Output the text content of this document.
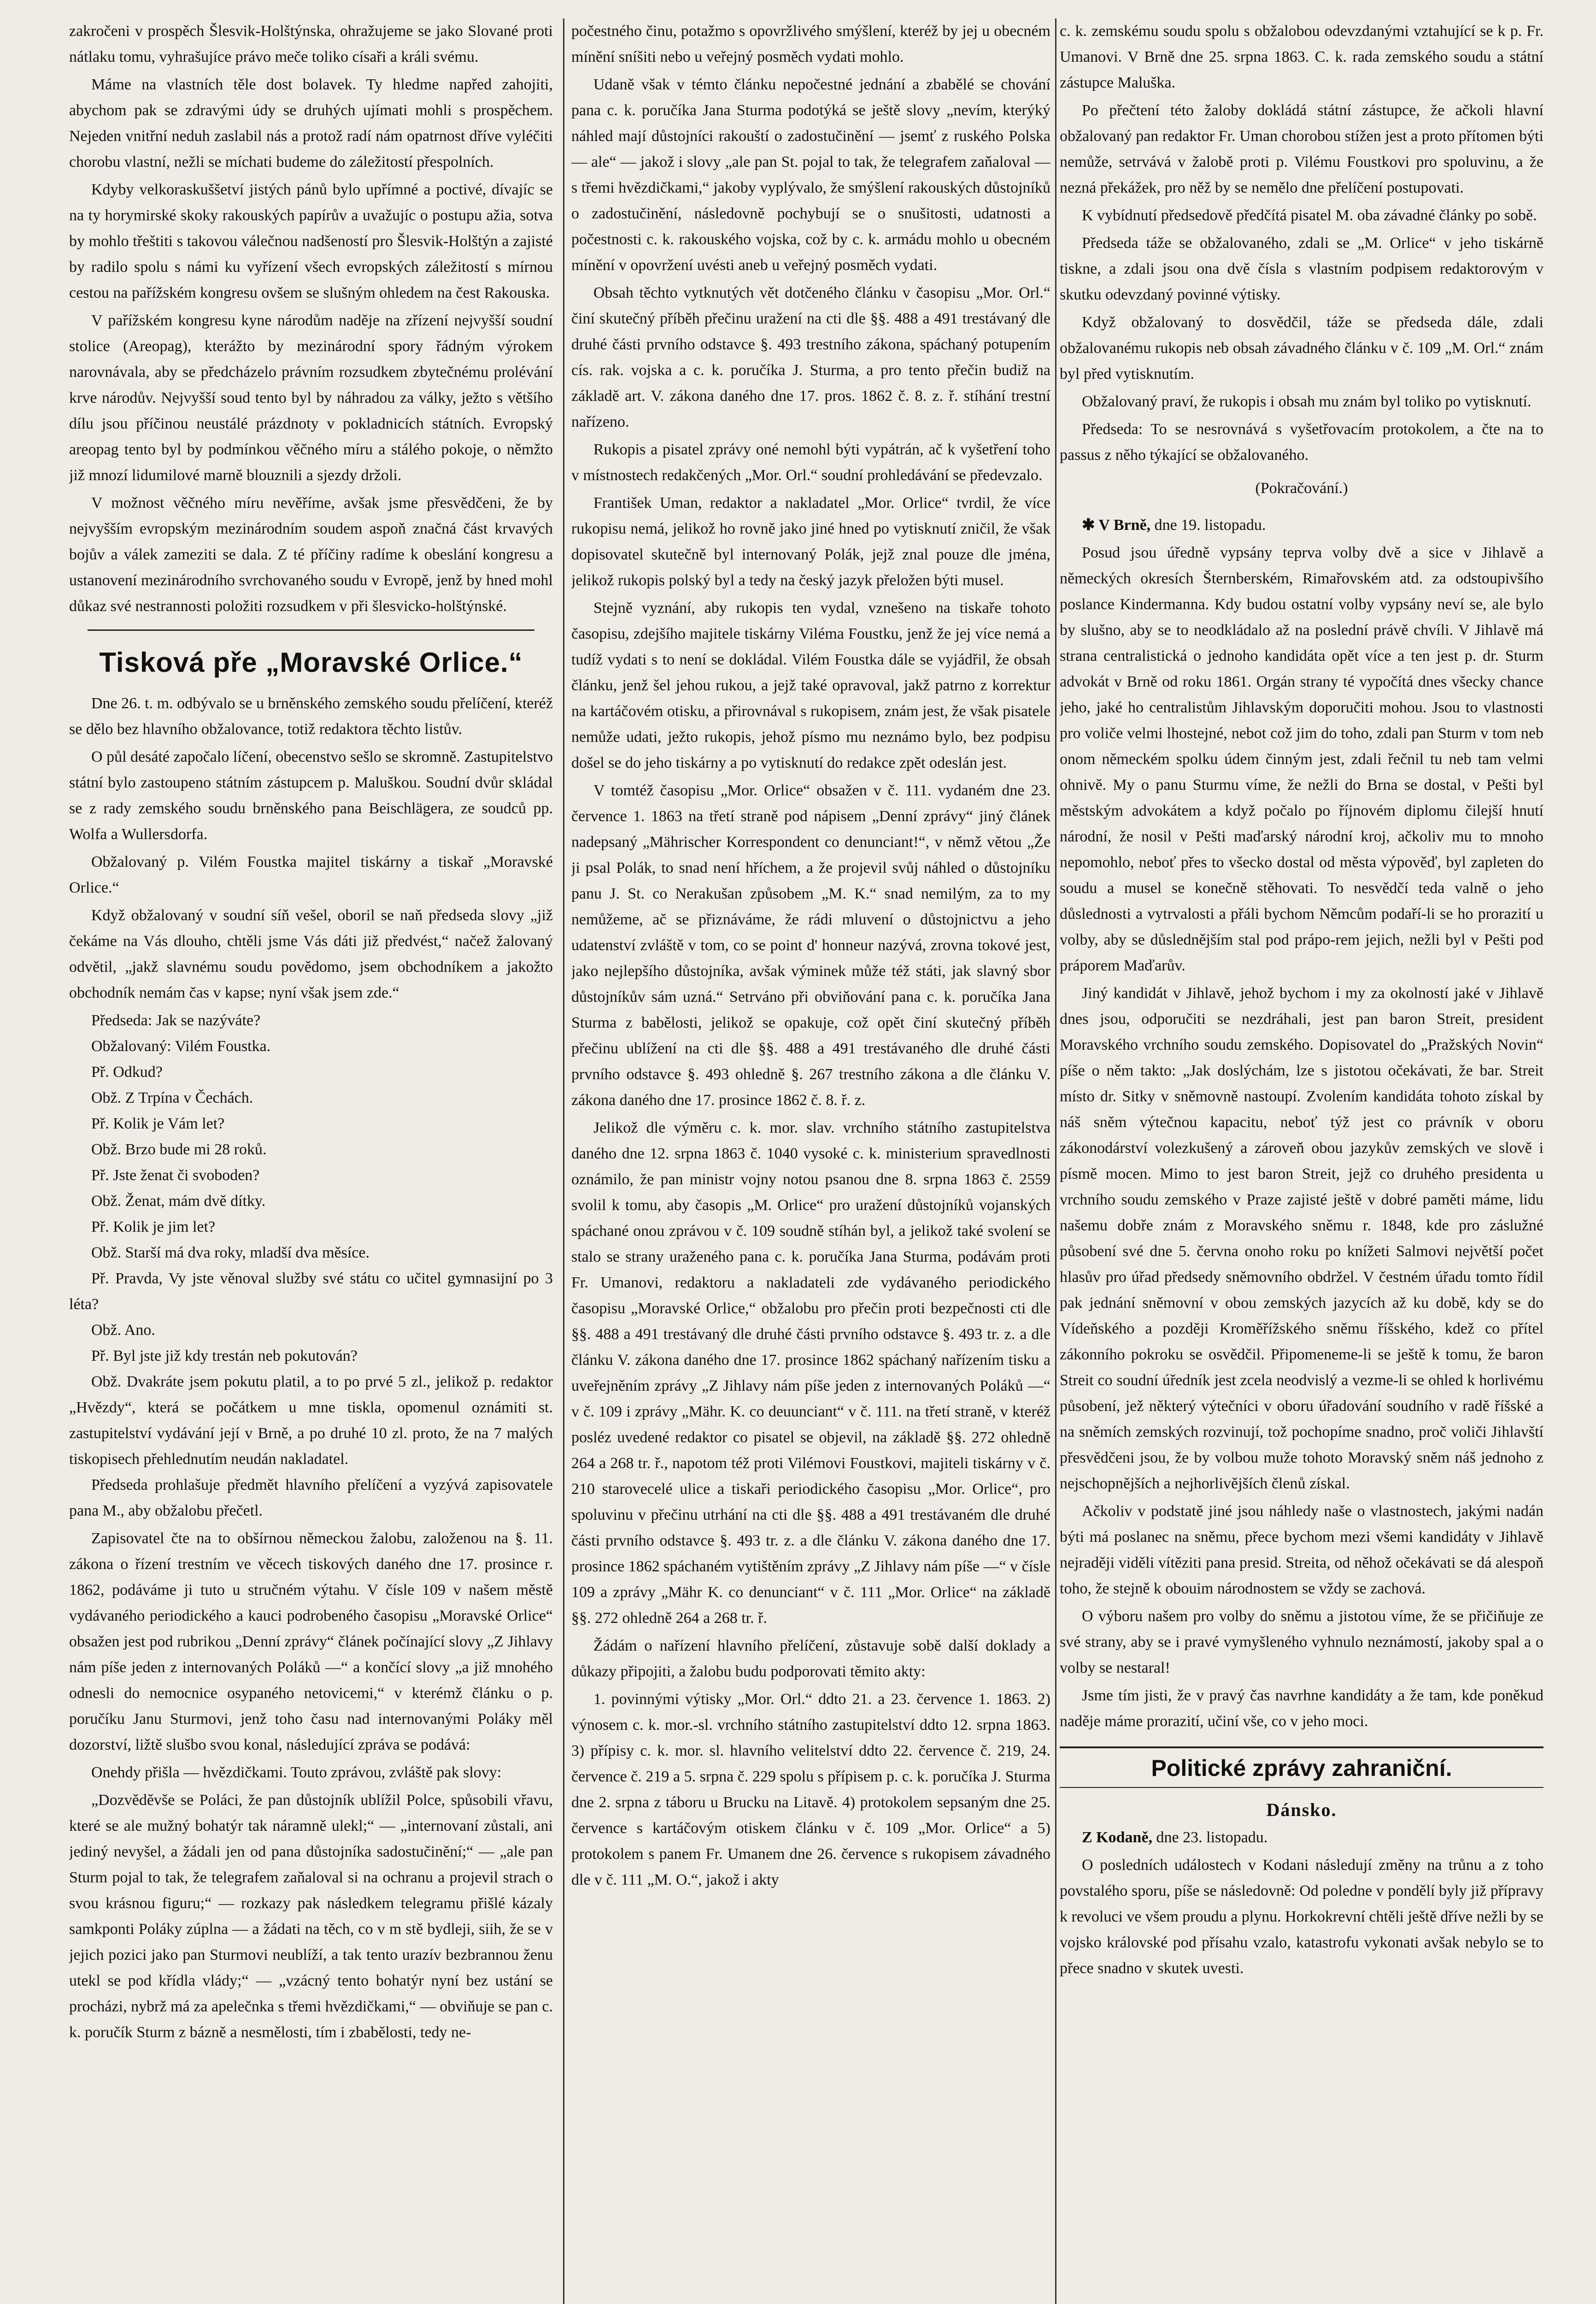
zakročeni v prospěch Šlesvik-Holštýnska, ohražujeme se jako Slované proti nátlaku tomu, vyhrašujíce právo meče toliko císaři a králi svému.

Máme na vlastních těle dost bolavek. Ty hledme napřed zahojiti, abychom pak se zdravými údy se druhých ujímati mohli s prospěchem. Nejeden vnitřní neduh zaslabil nás a protož radí nám opatrnost dříve vyléčiti chorobu vlastní, nežli se míchati budeme do záležitostí přespolních.

Kdyby velkoraskuššetví jistých pánů bylo upřímné a poctivé, dívajíc se na ty horymirské skoky rakouských papírův a uvažujíc o postupu ažia, sotva by mohlo třeštiti s takovou válečnou nadšeností pro Šlesvik-Holštýn a zajisté by radilo spolu s námi ku vyřízení všech evropských záležitostí s mírnou cestou na pařížském kongresu ovšem se slušným ohledem na čest Rakouska.

V pařížském kongresu kyne národům naděje na zřízení nejvyšší soudní stolice (Areopag), kterážto by mezinárodní spory řádným výrokem narovnávala, aby se předcházelo právním rozsudkem zbytečnému prolévání krve národův. Nejvyšší soud tento byl by náhradou za války, ježto s většího dílu jsou příčinou neustálé prázdnoty v pokladnicích státních. Evropský areopag tento byl by podmínkou věčného míru a stálého pokoje, o němžto již mnozí lidumilové marně blouznili a sjezdy držoli.

V možnost věčného míru nevěříme, avšak jsme přesvědčeni, že by nejvyšším evropským mezinárodním soudem aspoň značná část krvavých bojův a válek zameziti se dala. Z té příčiny radíme k obeslání kongresu a ustanovení mezinárodního svrchovaného soudu v Evropě, jenž by hned mohl důkaz své nestrannosti položiti rozsudkem v při šlesvicko-holštýnské.

Tisková pře „Moravské Orlice.“

Dne 26. t. m. odbývalo se u brněnského zemského soudu přelíčení, kteréž se dělo bez hlavního obžalovance, totiž redaktora těchto listův.

O půl desáté započalo líčení, obecenstvo sešlo se skromně. Zastupitelstvo státní bylo zastoupeno státním zástupcem p. Maluškou. Soudní dvůr skládal se z rady zemského soudu brněnského pana Beischlägera, ze soudců pp. Wolfa a Wullersdorfa.

Obžalovaný p. Vilém Foustka majitel tiskárny a tiskař „Moravské Orlice.“

Když obžalovaný v soudní síň vešel, oboril se naň předseda slovy „již čekáme na Vás dlouho, chtěli jsme Vás dáti již předvést,“ načež žalovaný odvětil, „jakž slavnému soudu povědomo, jsem obchodníkem a jakožto obchodník nemám čas v kapse; nyní však jsem zde.“

Předseda: Jak se nazýváte?

Obžalovaný: Vilém Foustka.

Př. Odkud?

Obž. Z Trpína v Čechách.

Př. Kolik je Vám let?

Obž. Brzo bude mi 28 roků.

Př. Jste ženat či svoboden?

Obž. Ženat, mám dvě dítky.

Př. Kolik je jim let?

Obž. Starší má dva roky, mladší dva měsíce.

Př. Pravda, Vy jste věnoval služby své státu co učitel gymnasijní po 3 léta?

Obž. Ano.

Př. Byl jste již kdy trestán neb pokutován?

Obž. Dvakráte jsem pokutu platil, a to po prvé 5 zl., jelikož p. redaktor „Hvězdy“, která se počátkem u mne tiskla, opomenul oznámiti st. zastupitelství vydávání její v Brně, a po druhé 10 zl. proto, že na 7 malých tiskopisech přehlednutím neudán nakladatel.

Předseda prohlašuje předmět hlavního přelíčení a vyzývá zapisovatele pana M., aby obžalobu přečetl.

Zapisovatel čte na to obšírnou německou žalobu, založenou na §. 11. zákona o řízení trestním ve věcech tiskových daného dne 17. prosince r. 1862, podáváme ji tuto u stručném výtahu. V čísle 109 v našem městě vydávaného periodického a kauci podrobeného časopisu „Moravské Orlice“ obsažen jest pod rubrikou „Denní zprávy“ článek počínající slovy „Z Jihlavy nám píše jeden z internovaných Poláků —“ a končící slovy „a již mnohého odnesli do nemocnice osypaného netovicemi,“ v kterémž článku o p. poručíku Janu Sturmovi, jenž toho času nad internovanými Poláky měl dozorství, ližtě slušbo svou konal, následující zpráva se podává:

Onehdy přišla — hvězdičkami. Touto zprávou, zvláště pak slovy:

„Dozvěděvše se Poláci, že pan důstojník ublížil Polce, spůsobili vřavu, které se ale mužný bohatýr tak náramně ulekl;“ — „internovaní zůstali, ani jediný nevyšel, a žádali jen od pana důstojníka sadostučinění;“ — „ale pan Sturm pojal to tak, že telegrafem zaňaloval si na ochranu a projevil strach o svou krásnou figuru;“ — rozkazy pak následkem telegramu přišlé kázaly samkponti Poláky zúplna — a žádati na těch, co v m stě bydleji, siih, že se v jejich pozici jako pan Sturmovi neublíží, a tak tento urazív bezbrannou ženu utekl se pod křídla vlády;“ — „vzácný tento bohatýr nyní bez ustání se procházi, nybrž má za apelečnka s třemi hvězdičkami,“ — obviňuje se pan c. k. poručík Sturm z bázně a nesmělosti, tím i zbabělosti, tedy ne-

počestného činu, potažmo s opovržlivého smýšlení, kteréž by jej u obecném mínění sníšiti nebo u veřejný posměch vydati mohlo.

Udaně však v témto článku nepočestné jednání a zbabělé se chování pana c. k. poručíka Jana Sturma podotýká se ještě slovy „nevím, kterýký náhled mají důstojníci rakouští o zadostučinění — jsemť z ruského Polska — ale“ — jakož i slovy „ale pan St. pojal to tak, že telegrafem zaňaloval — s třemi hvězdičkami,“ jakoby vyplývalo, že smýšlení rakouských důstojníků o zadostučinění, následovně pochybují se o snušitosti, udatnosti a počestnosti c. k. rakouského vojska, což by c. k. armádu mohlo u obecném mínění v opovržení uvésti aneb u veřejný posměch vydati.

Obsah těchto vytknutých vět dotčeného článku v časopisu „Mor. Orl.“ činí skutečný příběh přečinu uražení na cti dle §§. 488 a 491 trestávaný dle druhé části prvního odstavce §. 493 trestního zákona, spáchaný potupením cís. rak. vojska a c. k. poručíka J. Sturma, a pro tento přečin budiž na základě art. V. zákona daného dne 17. pros. 1862 č. 8. z. ř. stíhání trestní nařízeno.

Rukopis a pisatel zprávy oné nemohl býti vypátrán, ač k vyšetření toho v místnostech redakčených „Mor. Orl.“ soudní prohledávání se předevzalo.

František Uman, redaktor a nakladatel „Mor. Orlice“ tvrdil, že více rukopisu nemá, jelikož ho rovně jako jiné hned po vytisknutí zničil, že však dopisovatel skutečně byl internovaný Polák, jejž znal pouze dle jména, jelikož rukopis polský byl a tedy na český jazyk přeložen býti musel.

Stejně vyznání, aby rukopis ten vydal, vznešeno na tiskaře tohoto časopisu, zdejšího majitele tiskárny Viléma Foustku, jenž že jej více nemá a tudíž vydati s to není se dokládal. Vilém Foustka dále se vyjádřil, že obsah článku, jenž šel jehou rukou, a jejž také opravoval, jakž patrno z korrektur na kartáčovém otisku, a přirovnával s rukopisem, znám jest, že však pisatele nemůže udati, ježto rukopis, jehož písmo mu neznámo bylo, bez podpisu došel se do jeho tiskárny a po vytisknutí do redakce zpět odeslán jest.

V tomtéž časopisu „Mor. Orlice“ obsažen v č. 111. vydaném dne 23. července 1. 1863 na třetí straně pod nápisem „Denní zprávy“ jiný článek nadepsaný „Mährischer Korrespondent co denunciant!“, v němž větou „Že ji psal Polák, to snad není hříchem, a že projevil svůj náhled o důstojníku panu J. St. co Nerakušan způsobem „M. K.“ snad nemilým, za to my nemůžeme, ač se přiznáváme, že rádi mluvení o důstojnictvu a jeho udatenství zvláště v tom, co se point d' honneur nazývá, zrovna tokové jest, jako nejlepšího důstojníka, avšak výminek může též státi, jak slavný sbor důstojníkův sám uzná.“ Setrváno při obviňování pana c. k. poručíka Jana Sturma z babělosti, jelikož se opakuje, což opět činí skutečný příběh přečinu ublížení na cti dle §§. 488 a 491 trestávaného dle druhé části prvního odstavce §. 493 ohledně §. 267 trestního zákona a dle článku V. zákona daného dne 17. prosince 1862 č. 8. ř. z.

Jelikož dle výměru c. k. mor. slav. vrchního státního zastupitelstva daného dne 12. srpna 1863 č. 1040 vysoké c. k. ministerium spravedlnosti oznámilo, že pan ministr vojny notou psanou dne 8. srpna 1863 č. 2559 svolil k tomu, aby časopis „M. Orlice“ pro uražení důstojníků vojanských spáchané onou zprávou v č. 109 soudně stíhán byl, a jelikož také svolení se stalo se strany uraženého pana c. k. poručíka Jana Sturma, podávám proti Fr. Umanovi, redaktoru a nakladateli zde vydávaného periodického časopisu „Moravské Orlice,“ obžalobu pro přečin proti bezpečnosti cti dle §§. 488 a 491 trestávaný dle druhé části prvního odstavce §. 493 tr. z. a dle článku V. zákona daného dne 17. prosince 1862 spáchaný nařízením tisku a uveřejněním zprávy „Z Jihlavy nám píše jeden z internovaných Poláků —“ v č. 109 i zprávy „Mähr. K. co deuunciant“ v č. 111. na třetí straně, v kteréž posléz uvedené redaktor co pisatel se objevil, na základě §§. 272 ohledně 264 a 268 tr. ř., napotom též proti Vilémovi Foustkovi, majiteli tiskárny v č. 210 starovecelé ulice a tiskaři periodického časopisu „Mor. Orlice“, pro spoluvinu v přečinu utrhání na cti dle §§. 488 a 491 trestávaném dle druhé části prvního odstavce §. 493 tr. z. a dle článku V. zákona daného dne 17. prosince 1862 spáchaném vytištěním zprávy „Z Jihlavy nám píše —“ v čísle 109 a zprávy „Mähr K. co denunciant“ v č. 111 „Mor. Orlice“ na základě §§. 272 ohledně 264 a 268 tr. ř.

Žádám o nařízení hlavního přelíčení, zůstavuje sobě další doklady a důkazy připojiti, a žalobu budu podporovati těmito akty:

1. povinnými výtisky „Mor. Orl.“ ddto 21. a 23. července 1. 1863. 2) výnosem c. k. mor.-sl. vrchního státního zastupitelství ddto 12. srpna 1863. 3) přípisy c. k. mor. sl. hlavního velitelství ddto 22. července č. 219, 24. července č. 219 a 5. srpna č. 229 spolu s přípisem p. c. k. poručíka J. Sturma dne 2. srpna z táboru u Brucku na Litavě. 4) protokolem sepsaným dne 25. července s kartáčovým otiskem článku v č. 109 „Mor. Orlice“ a 5) protokolem s panem Fr. Umanem dne 26. července s rukopisem závadného dle v č. 111 „M. O.“, jakož i akty

c. k. zemskému soudu spolu s obžalobou odevzdanými vztahující se k p. Fr. Umanovi. V Brně dne 25. srpna 1863. C. k. rada zemského soudu a státní zástupce Maluška.

Po přečtení této žaloby dokládá státní zástupce, že ačkoli hlavní obžalovaný pan redaktor Fr. Uman chorobou stížen jest a proto přítomen býti nemůže, setrvává v žalobě proti p. Vilému Foustkovi pro spoluvinu, a že nezná překážek, pro něž by se nemělo dne přelíčení postupovati.

K vybídnutí předsedově předčítá pisatel M. oba závadné články po sobě.

Předseda táže se obžalovaného, zdali se „M. Orlice“ v jeho tiskárně tiskne, a zdali jsou ona dvě čísla s vlastním podpisem redaktorovým v skutku odevzdaný povinné výtisky.

Když obžalovaný to dosvědčil, táže se předseda dále, zdali obžalovanému rukopis neb obsah závadného článku v č. 109 „M. Orl.“ znám byl před vytisknutím.

Obžalovaný praví, že rukopis i obsah mu znám byl toliko po vytisknutí.

Předseda: To se nesrovnává s vyšetřovacím protokolem, a čte na to passus z něho týkající se obžalovaného.

(Pokračování.)

✱ V Brně, dne 19. listopadu.

Posud jsou úředně vypsány teprva volby dvě a sice v Jihlavě a německých okresích Šternberském, Rimařovském atd. za odstoupivšího poslance Kindermanna. Kdy budou ostatní volby vypsány neví se, ale bylo by slušno, aby se to neodkládalo až na poslední právě chvíli. V Jihlavě má strana centralistická o jednoho kandidáta opět více a ten jest p. dr. Sturm advokát v Brně od roku 1861. Orgán strany té vypočítá dnes všecky chance jeho, jaké ho centralistům Jihlavským doporučiti mohou. Jsou to vlastnosti pro voliče velmi lhostejné, nebot což jim do toho, zdali pan Sturm v tom neb onom německém spolku údem činným jest, zdali řečnil tu neb tam velmi ohnivě. My o panu Sturmu víme, že nežli do Brna se dostal, v Pešti byl městským advokátem a když počalo po říjnovém diplomu čilejší hnutí národní, že nosil v Pešti maďarský národní kroj, ačkoliv mu to mnoho nepomohlo, neboť přes to všecko dostal od města výpověď, byl zapleten do soudu a musel se konečně stěhovati. To nesvědčí teda valně o jeho důslednosti a vytrvalosti a přáli bychom Němcům podaří-li se ho prorazití u volby, aby se důslednějším stal pod prápo-rem jejich, nežli byl v Pešti pod práporem Maďarův.

Jiný kandidát v Jihlavě, jehož bychom i my za okolností jaké v Jihlavě dnes jsou, odporučiti se nezdráhali, jest pan baron Streit, president Moravského vrchního soudu zemského. Dopisovatel do „Pražských Novin“ píše o něm takto: „Jak doslýchám, lze s jistotou očekávati, že bar. Streit místo dr. Sitky v sněmovně nastoupí. Zvolením kandidáta tohoto získal by náš sněm výtečnou kapacitu, neboť týž jest co právník v oboru zákonodárství volezkušený a zároveň obou jazykův zemských ve slově i písmě mocen. Mimo to jest baron Streit, jejž co druhého presidenta u vrchního soudu zemského v Praze zajisté ještě v dobré paměti máme, lidu našemu dobře znám z Moravského sněmu r. 1848, kde pro záslužné působení své dne 5. června onoho roku po knížeti Salmovi největší počet hlasův pro úřad předsedy sněmovního obdržel. V čestném úřadu tomto řídil pak jednání sněmovní v obou zemských jazycích až ku době, kdy se do Vídeňského a později Kroměřížského sněmu říšského, kdež co přítel zákonního pokroku se osvědčil. Připomeneme-li se ještě k tomu, že baron Streit co soudní úředník jest zcela neodvislý a vezme-li se ohled k horlivému působení, jež některý výtečníci v oboru úřadování soudního v radě říšské a na sněmích zemských rozvinují, tož pochopíme snadno, proč voliči Jihlavští přesvědčeni jsou, že by volbou muže tohoto Moravský sněm náš jednoho z nejschopnějších a nejhorlivějších členů získal.

Ačkoliv v podstatě jiné jsou náhledy naše o vlastnostech, jakými nadán býti má poslanec na sněmu, přece bychom mezi všemi kandidáty v Jihlavě nejraději viděli vítěziti pana presid. Streita, od něhož očekávati se dá alespoň toho, že stejně k obouim národnostem se vždy se zachová.

O výboru našem pro volby do sněmu a jistotou víme, že se přičiňuje ze své strany, aby se i pravé vymyšleného vyhnulo neznámostí, jakoby spal a o volby se nestaral!

Jsme tím jisti, že v pravý čas navrhne kandidáty a že tam, kde poněkud naděje máme prorazití, učiní vše, co v jeho moci.

Politické zprávy zahraniční.
Dánsko.

Z Kodaně, dne 23. listopadu.

O posledních událostech v Kodani následují změny na trůnu a z toho povstalého sporu, píše se následovně: Od poledne v pondělí byly již přípravy k revoluci ve všem proudu a plynu. Horkokrevní chtěli ještě dříve nežli by se vojsko královské pod přísahu vzalo, katastrofu vykonati avšak nebylo se to přece snadno v skutek uvesti.
